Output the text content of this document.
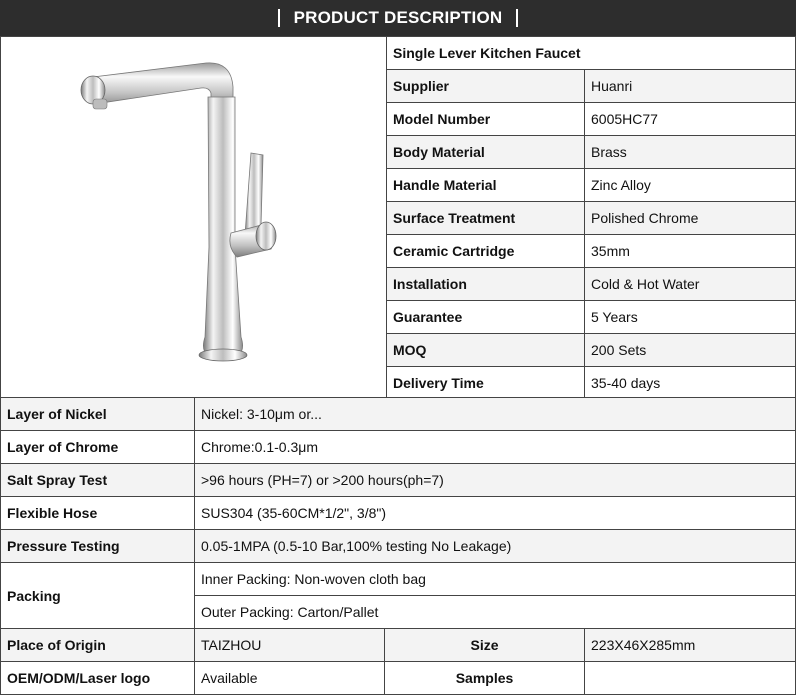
PRODUCT DESCRIPTION
	Single Lever Kitchen Faucet	
	Supplier	Huanri
	Model Number	6005HC77
	Body Material	Brass
	Handle Material	Zinc Alloy
	Surface Treatment	Polished Chrome
	Ceramic Cartridge	35mm
	Installation	Cold & Hot Water
	Guarantee	5 Years
	MOQ	200 Sets
	Delivery Time	35-40 days
Layer of Nickel	Nickel: 3-10μm or...		
Layer of Chrome	Chrome:0.1-0.3μm		
Salt Spray Test	>96 hours (PH=7) or >200 hours(ph=7)		
Flexible Hose	SUS304 (35-60CM*1/2", 3/8")		
Pressure Testing	0.05-1MPA (0.5-10 Bar,100% testing No Leakage)		
Packing	Inner Packing: Non-woven cloth bag		
	Outer Packing: Carton/Pallet		
Place of Origin	TAIZHOU	Size	223X46X285mm
OEM/ODM/Laser logo	Available	Samples	
